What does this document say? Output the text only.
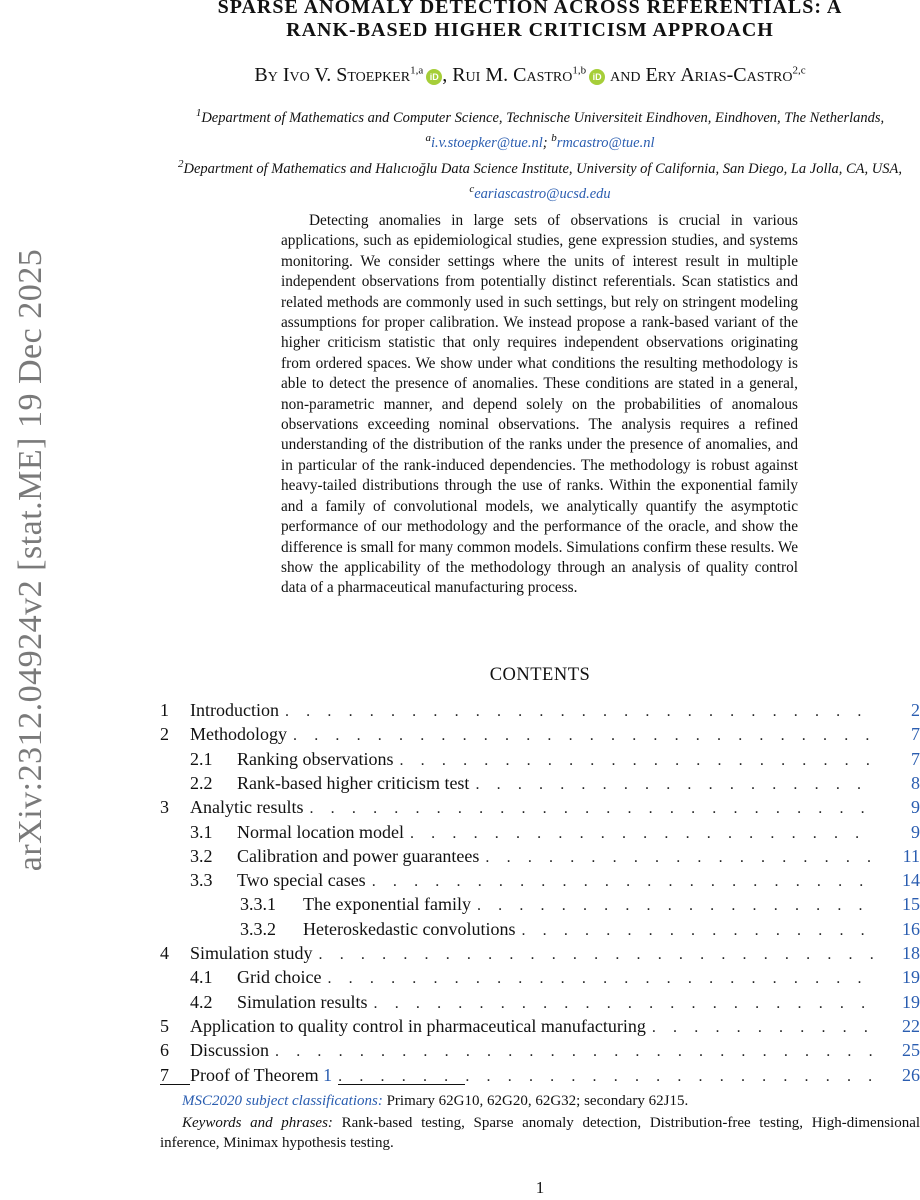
arXiv:2312.04924v2 [stat.ME] 19 Dec 2025
SPARSE ANOMALY DETECTION ACROSS REFERENTIALS: A
RANK-BASED HIGHER CRITICISM APPROACH
By Ivo V. Stoepker$^{1,a}$iD , Rui M. Castro$^{1,b}$iD and Ery Arias-Castro$^{2,c}$
$^1$Department of Mathematics and Computer Science, Technische Universiteit Eindhoven, Eindhoven, The Netherlands,
$^a$i.v.stoepker@tue.nl; $^b$rmcastro@tue.nl
$^2$Department of Mathematics and Halıcıoğlu Data Science Institute, University of California, San Diego, La Jolla, CA, USA,
$^c$eariascastro@ucsd.edu

Detecting anomalies in large sets of observations is crucial in various applications, such as epidemiological studies, gene expression studies, and systems monitoring. We consider settings where the units of interest result in multiple independent observations from potentially distinct referentials. Scan statistics and related methods are commonly used in such settings, but rely on stringent modeling assumptions for proper calibration. We instead propose a rank-based variant of the higher criticism statistic that only requires independent observations originating from ordered spaces. We show under what conditions the resulting methodology is able to detect the presence of anomalies. These conditions are stated in a general, non-parametric manner, and depend solely on the probabilities of anomalous observations exceeding nominal observations. The analysis requires a refined understanding of the distribution of the ranks under the presence of anomalies, and in particular of the rank-induced dependencies. The methodology is robust against heavy-tailed distributions through the use of ranks. Within the exponential family and a family of convolutional models, we analytically quantify the asymptotic performance of our methodology and the performance of the oracle, and show the difference is small for many common models. Simulations confirm these results. We show the applicability of the methodology through an analysis of quality control data of a pharmaceutical manufacturing process.

CONTENTS
1 Introduction . . .	2
2 Methodology . . .	7
2.1 Ranking observations . . .	7
2.2 Rank-based higher criticism test . . .	8
3 Analytic results . . .	9
3.1 Normal location model . . .	9
3.2 Calibration and power guarantees . . .	11
3.3 Two special cases . . .	14
3.3.1 The exponential family . . .	15
3.3.2 Heteroskedastic convolutions . . .	16
4 Simulation study . . .	18
4.1 Grid choice . . .	19
4.2 Simulation results . . .	19
5 Application to quality control in pharmaceutical manufacturing . . .	22
6 Discussion . . .	25
7 Proof of Theorem 1 . . .	26
MSC2020 subject classifications: Primary 62G10, 62G20, 62G32; secondary 62J15.
Keywords and phrases: Rank-based testing, Sparse anomaly detection, Distribution-free testing, High-dimensional inference, Minimax hypothesis testing.
1
